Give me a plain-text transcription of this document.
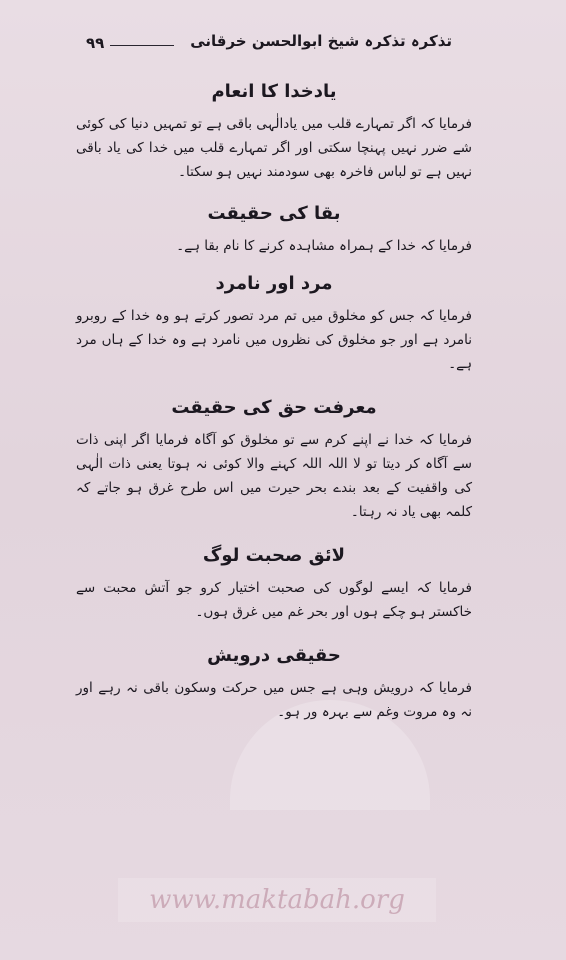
۹۹	تذکرہ تذکرہ شیخ ابوالحسن خرقانی
یادخدا کا انعام

فرمایا کہ اگر تمہارے قلب میں یادالٰہی باقی ہے تو تمہیں دنیا کی کوئی شے ضرر نہیں پہنچا سکتی اور اگر تمہارے قلب میں خدا کی یاد باقی نہیں ہے تو لباس فاخرہ بھی سودمند نہیں ہو سکتا۔

بقا کی حقیقت

فرمایا کہ خدا کے ہمراہ مشاہدہ کرنے کا نام بقا ہے۔

مرد اور نامرد

فرمایا کہ جس کو مخلوق میں تم مرد تصور کرتے ہو وہ خدا کے روبرو نامرد ہے اور جو مخلوق کی نظروں میں نامرد ہے وہ خدا کے ہاں مرد ہے۔

معرفت حق کی حقیقت

فرمایا کہ خدا نے اپنے کرم سے تو مخلوق کو آگاہ فرمایا اگر اپنی ذات سے آگاہ کر دیتا تو لا اللہ اللہ کہنے والا کوئی نہ ہوتا یعنی ذات الٰہی کی واقفیت کے بعد بندے بحر حیرت میں اس طرح غرق ہو جاتے کہ کلمہ بھی یاد نہ رہتا۔

لائق صحبت لوگ

فرمایا کہ ایسے لوگوں کی صحبت اختیار کرو جو آتش محبت سے خاکستر ہو چکے ہوں اور بحر غم میں غرق ہوں۔

حقیقی درویش

فرمایا کہ درویش وہی ہے جس میں حرکت وسکون باقی نہ رہے اور نہ وہ مروت وغم سے بہرہ ور ہو۔

www.maktabah.org
